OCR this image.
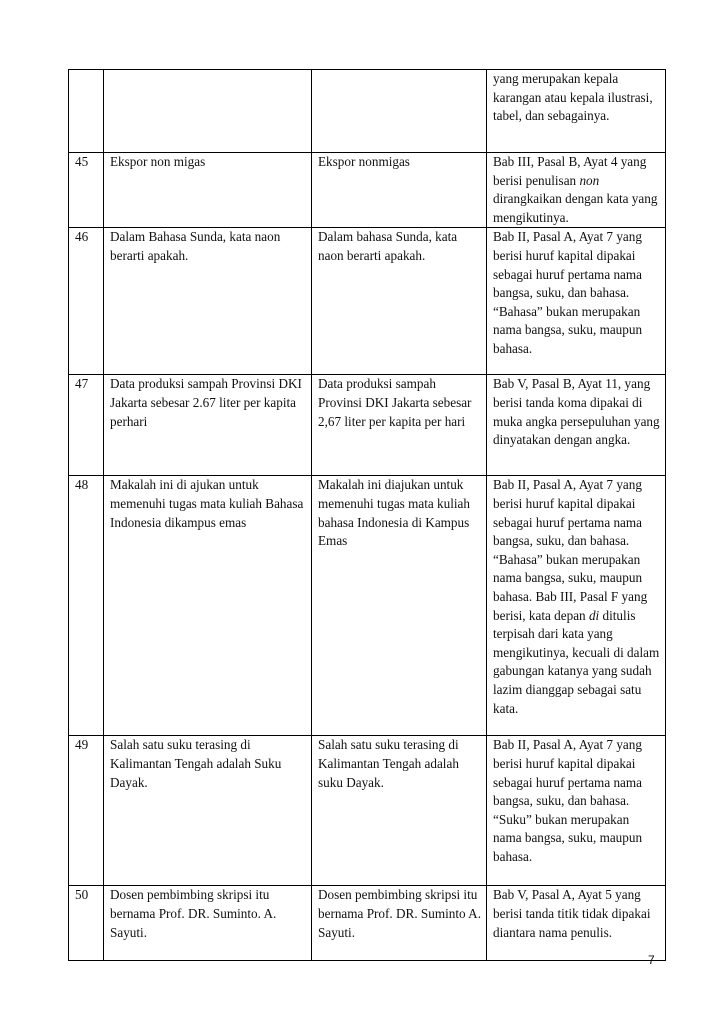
			yang merupakan kepala karangan atau kepala ilustrasi, tabel, dan sebagainya.
45	Ekspor non migas	Ekspor nonmigas	Bab III, Pasal B, Ayat 4 yang berisi penulisan non dirangkaikan dengan kata yang mengikutinya.
46	Dalam Bahasa Sunda, kata naon berarti apakah.	Dalam bahasa Sunda, kata naon berarti apakah.	Bab II, Pasal A, Ayat 7 yang berisi huruf kapital dipakai sebagai huruf pertama nama bangsa, suku, dan bahasa. “Bahasa” bukan merupakan nama bangsa, suku, maupun bahasa.
47	Data produksi sampah Provinsi DKI Jakarta sebesar 2.67 liter per kapita perhari	Data produksi sampah Provinsi DKI Jakarta sebesar 2,67 liter per kapita per hari	Bab V, Pasal B, Ayat 11, yang berisi tanda koma dipakai di muka angka persepuluhan yang dinyatakan dengan angka.
48	Makalah ini di ajukan untuk memenuhi tugas mata kuliah Bahasa Indonesia dikampus emas	Makalah ini diajukan untuk memenuhi tugas mata kuliah bahasa Indonesia di Kampus Emas	Bab II, Pasal A, Ayat 7 yang berisi huruf kapital dipakai sebagai huruf pertama nama bangsa, suku, dan bahasa. “Bahasa” bukan merupakan nama bangsa, suku, maupun bahasa. Bab III, Pasal F yang berisi, kata depan di ditulis terpisah dari kata yang mengikutinya, kecuali di dalam gabungan katanya yang sudah lazim dianggap sebagai satu kata.
49	Salah satu suku terasing di Kalimantan Tengah adalah Suku Dayak.	Salah satu suku terasing di Kalimantan Tengah adalah suku Dayak.	Bab II, Pasal A, Ayat 7 yang berisi huruf kapital dipakai sebagai huruf pertama nama bangsa, suku, dan bahasa. “Suku” bukan merupakan nama bangsa, suku, maupun bahasa.
50	Dosen pembimbing skripsi itu bernama Prof. DR. Suminto. A. Sayuti.	Dosen pembimbing skripsi itu bernama Prof. DR. Suminto A. Sayuti.	Bab V, Pasal A, Ayat 5 yang berisi tanda titik tidak dipakai diantara nama penulis.
7
